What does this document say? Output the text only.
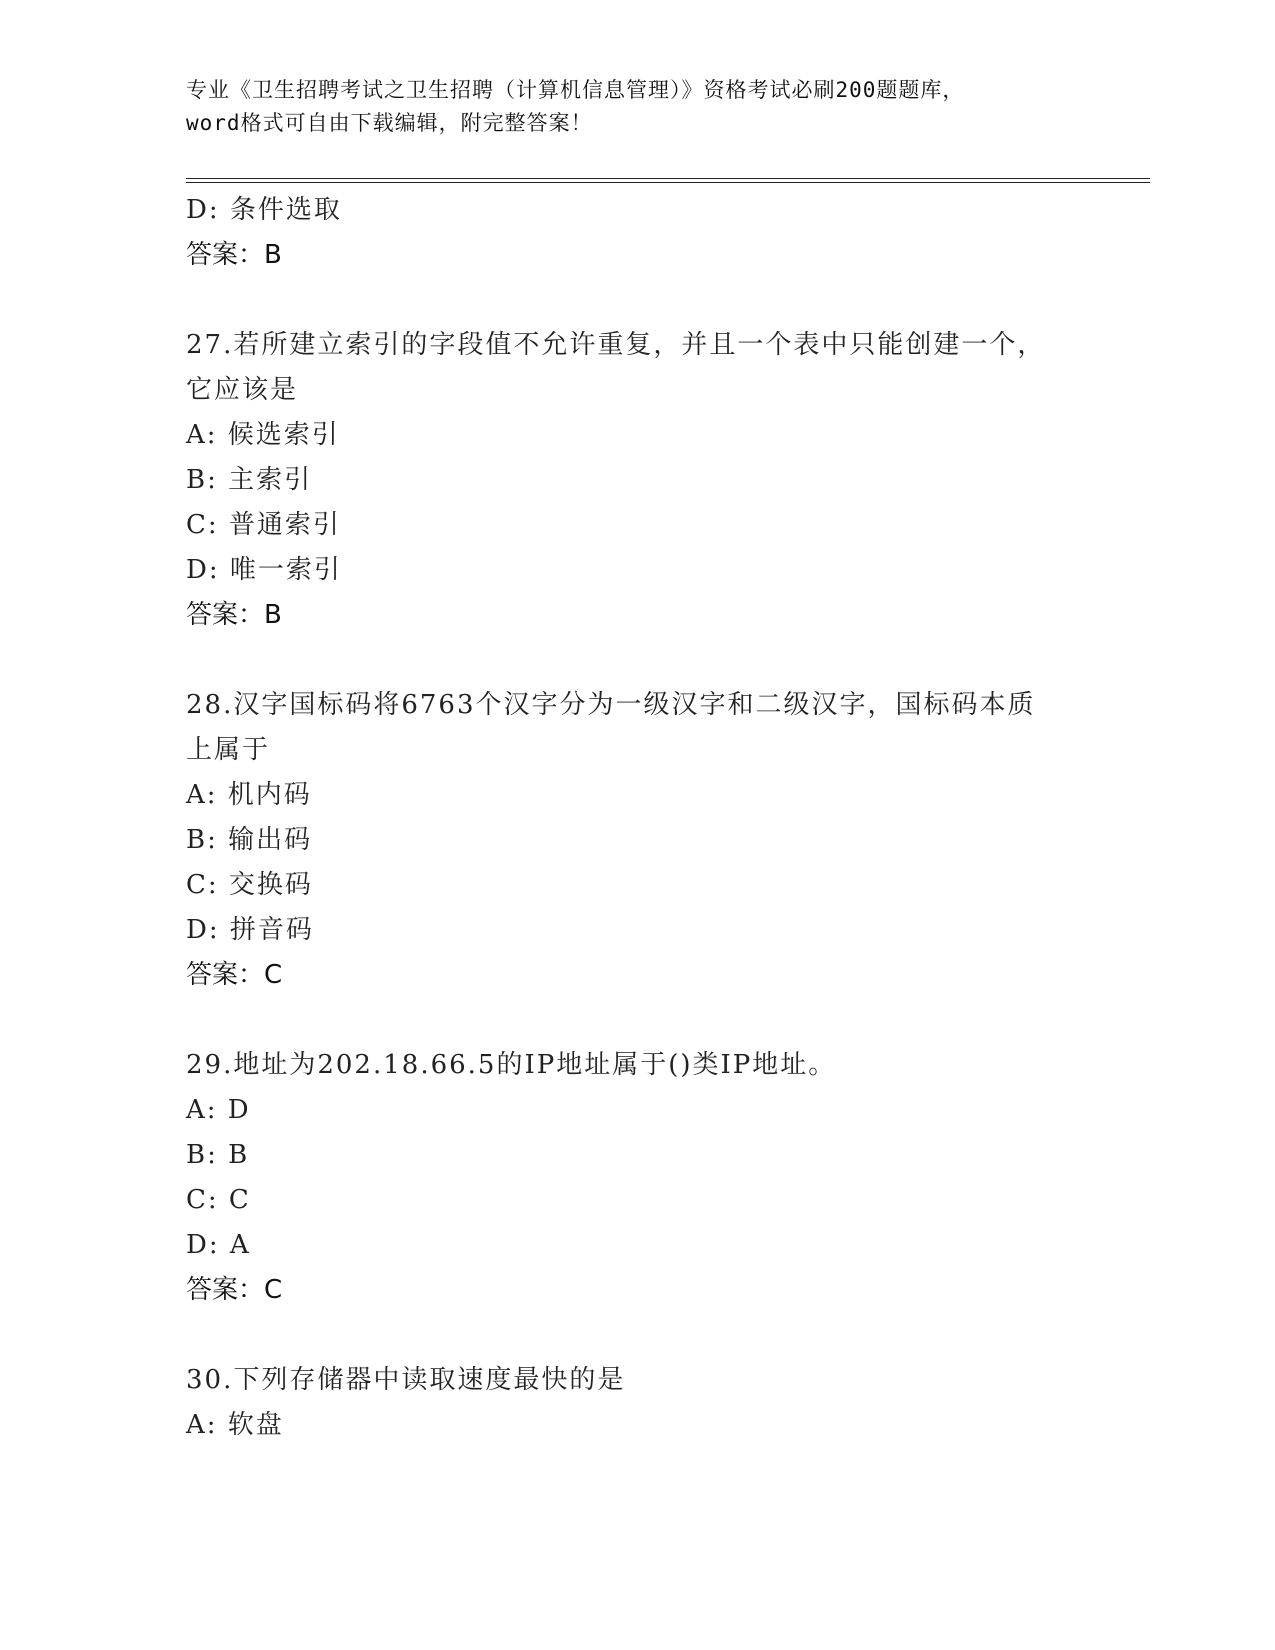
专业《卫生招聘考试之卫生招聘（计算机信息管理）》资格考试必刷200题题库，
word格式可自由下载编辑，附完整答案！
D: 条件选取
答案：B
27.若所建立索引的字段值不允许重复，并且一个表中只能创建一个，
它应该是
A: 候选索引
B: 主索引
C: 普通索引
D: 唯一索引
答案：B
28.汉字国标码将6763个汉字分为一级汉字和二级汉字，国标码本质
上属于
A: 机内码
B: 输出码
C: 交换码
D: 拼音码
答案：C
29.地址为202.18.66.5的IP地址属于()类IP地址。
A: D
B: B
C: C
D: A
答案：C
30.下列存储器中读取速度最快的是
A: 软盘
